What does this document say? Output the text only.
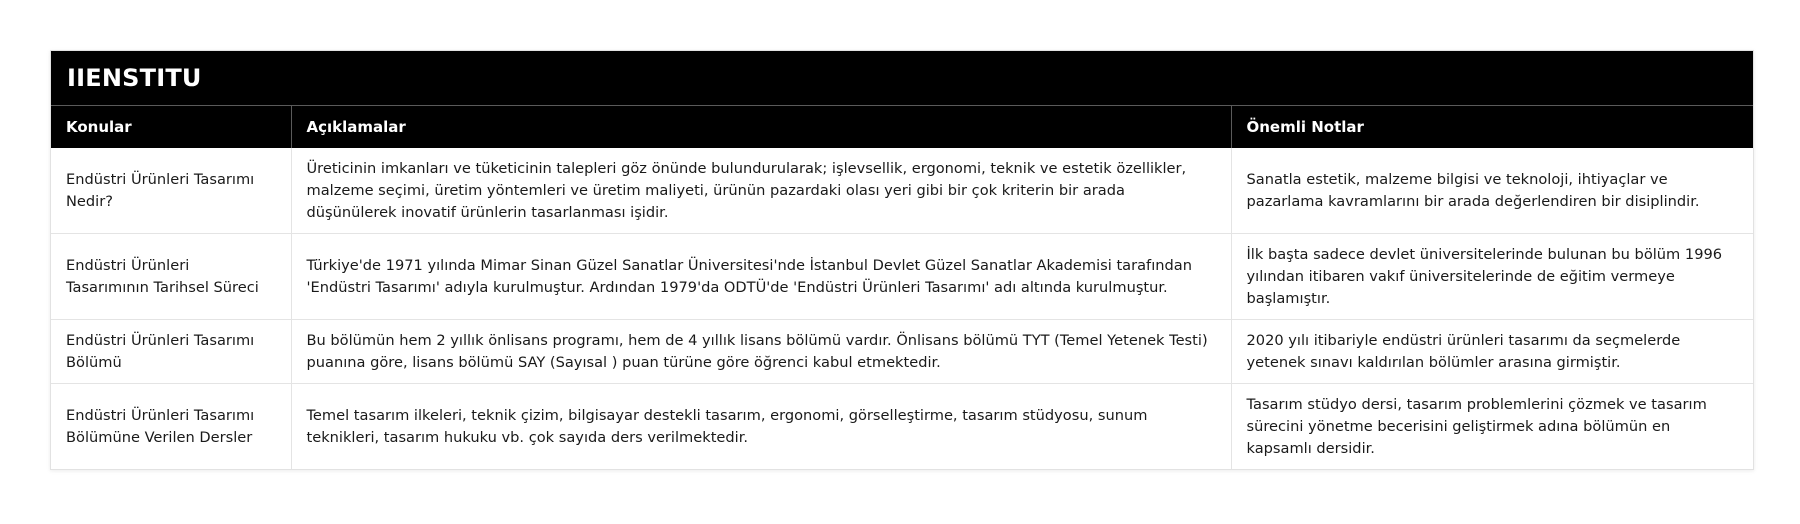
IIENSTITU
Konular	Açıklamalar	Önemli Notlar
Endüstri Ürünleri Tasarımı Nedir?	Üreticinin imkanları ve tüketicinin talepleri göz önünde bulundurularak; işlevsellik, ergonomi, teknik ve estetik özellikler, malzeme seçimi, üretim yöntemleri ve üretim maliyeti, ürünün pazardaki olası yeri gibi bir çok kriterin bir arada düşünülerek inovatif ürünlerin tasarlanması işidir.	Sanatla estetik, malzeme bilgisi ve teknoloji, ihtiyaçlar ve pazarlama kavramlarını bir arada değerlendiren bir disiplindir.
Endüstri Ürünleri Tasarımının Tarihsel Süreci	Türkiye'de 1971 yılında Mimar Sinan Güzel Sanatlar Üniversitesi'nde İstanbul Devlet Güzel Sanatlar Akademisi tarafından 'Endüstri Tasarımı' adıyla kurulmuştur. Ardından 1979'da ODTÜ'de 'Endüstri Ürünleri Tasarımı' adı altında kurulmuştur.	İlk başta sadece devlet üniversitelerinde bulunan bu bölüm 1996 yılından itibaren vakıf üniversitelerinde de eğitim vermeye başlamıştır.
Endüstri Ürünleri Tasarımı Bölümü	Bu bölümün hem 2 yıllık önlisans programı, hem de 4 yıllık lisans bölümü vardır. Önlisans bölümü TYT (Temel Yetenek Testi) puanına göre, lisans bölümü SAY (Sayısal ) puan türüne göre öğrenci kabul etmektedir.	2020 yılı itibariyle endüstri ürünleri tasarımı da seçmelerde yetenek sınavı kaldırılan bölümler arasına girmiştir.
Endüstri Ürünleri Tasarımı Bölümüne Verilen Dersler	Temel tasarım ilkeleri, teknik çizim, bilgisayar destekli tasarım, ergonomi, görselleştirme, tasarım stüdyosu, sunum teknikleri, tasarım hukuku vb. çok sayıda ders verilmektedir.	Tasarım stüdyo dersi, tasarım problemlerini çözmek ve tasarım sürecini yönetme becerisini geliştirmek adına bölümün en kapsamlı dersidir.
